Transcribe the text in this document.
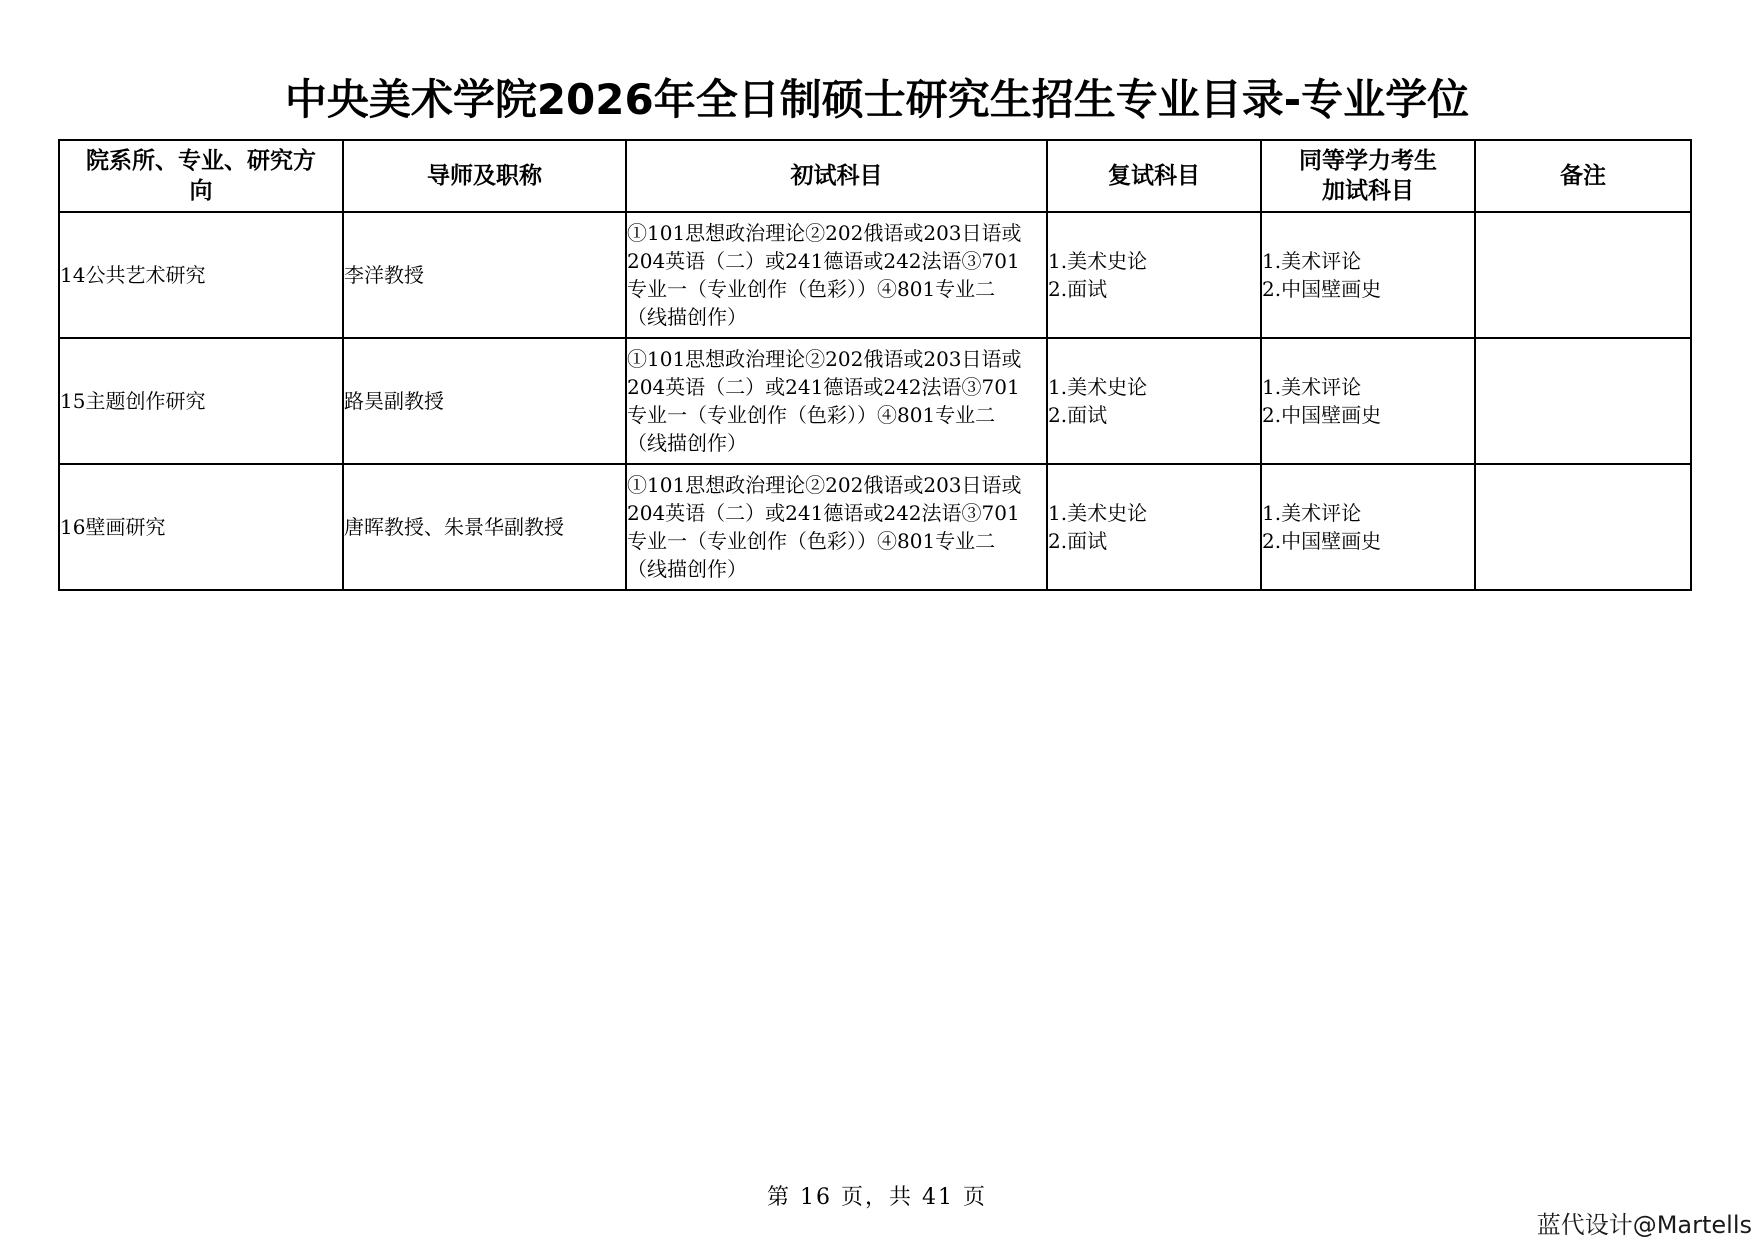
中央美术学院2026年全日制硕士研究生招生专业目录-专业学位
院系所、专业、研究方
向	导师及职称	初试科目	复试科目	同等学力考生
加试科目	备注
14公共艺术研究	李洋教授	①101思想政治理论②202俄语或203日语或
204英语（二）或241德语或242法语③701
专业一（专业创作（色彩））④801专业二
（线描创作）	1.美术史论
2.面试	1.美术评论
2.中国壁画史	

15主题创作研究	路昊副教授	①101思想政治理论②202俄语或203日语或
204英语（二）或241德语或242法语③701
专业一（专业创作（色彩））④801专业二
（线描创作）	1.美术史论
2.面试	1.美术评论
2.中国壁画史	

16壁画研究	唐晖教授、朱景华副教授	①101思想政治理论②202俄语或203日语或
204英语（二）或241德语或242法语③701
专业一（专业创作（色彩））④801专业二
（线描创作）	1.美术史论
2.面试	1.美术评论
2.中国壁画史	

第 16 页，共 41 页
蓝代设计@Martells
